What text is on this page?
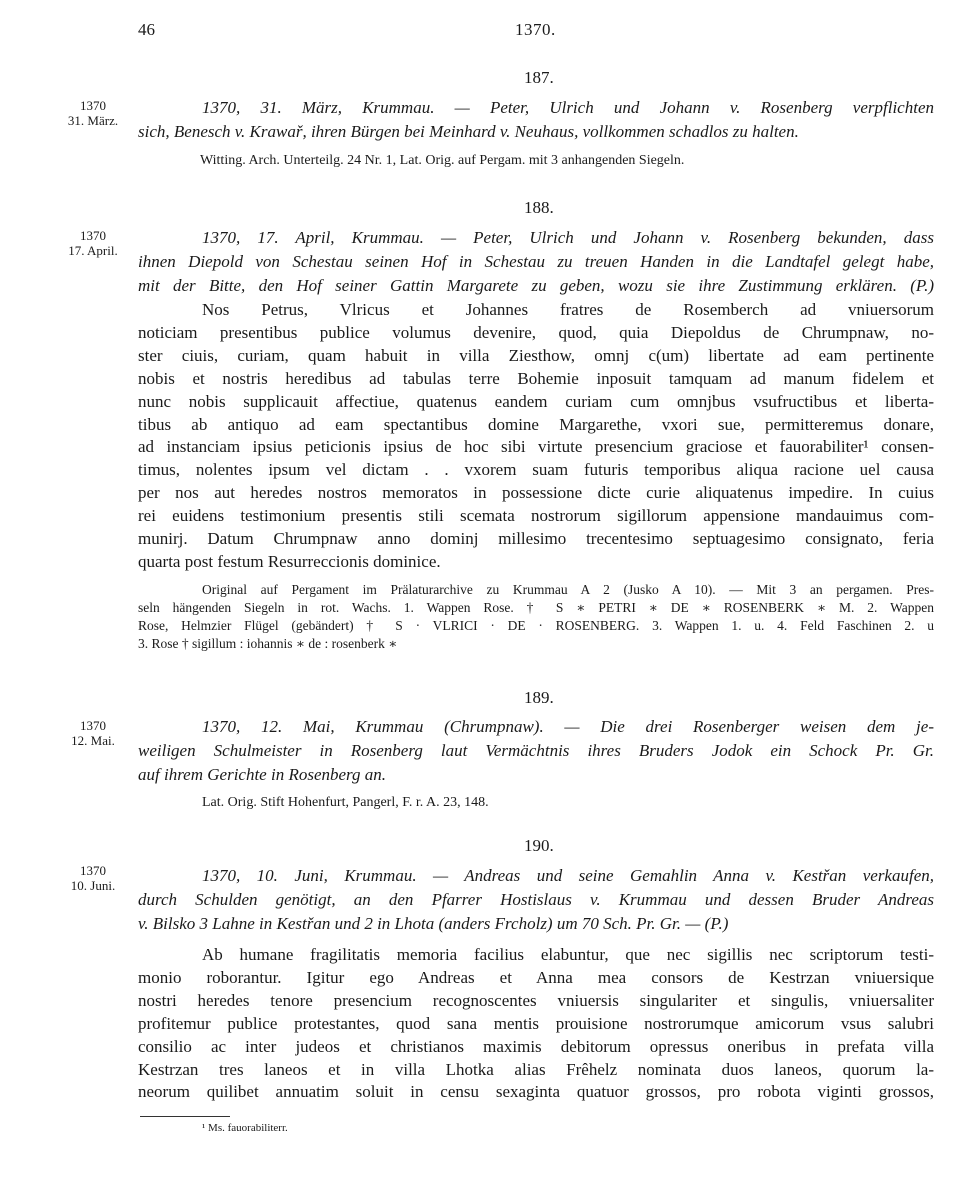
46	1370.
187.
1370
31. März.
1370, 31. März, Krummau. — Peter, Ulrich und Johann v. Rosenberg verpflichten
sich, Benesch v. Krawař, ihren Bürgen bei Meinhard v. Neuhaus, vollkommen schadlos zu halten.
Witting. Arch. Unterteilg. 24 Nr. 1, Lat. Orig. auf Pergam. mit 3 anhangenden Siegeln.
188.
1370
17. April.
1370, 17. April, Krummau. — Peter, Ulrich und Johann v. Rosenberg bekunden, dass
ihnen Diepold von Schestau seinen Hof in Schestau zu treuen Handen in die Landtafel gelegt habe,
mit der Bitte, den Hof seiner Gattin Margarete zu geben, wozu sie ihre Zustimmung erklären. (P.)
Nos Petrus, Vlricus et Johannes fratres de Rosemberch ad vniuersorum
noticiam presentibus publice volumus devenire, quod, quia Diepoldus de Chrumpnaw, no-
ster ciuis, curiam, quam habuit in villa Ziesthow, omnj c(um) libertate ad eam pertinente
nobis et nostris heredibus ad tabulas terre Bohemie inposuit tamquam ad manum fidelem et
nunc nobis supplicauit affectiue, quatenus eandem curiam cum omnjbus vsufructibus et liberta-
tibus ab antiquo ad eam spectantibus domine Margarethe, vxori sue, permitteremus donare,
ad instanciam ipsius peticionis ipsius de hoc sibi virtute presencium graciose et fauorabiliter¹ consen-
timus, nolentes ipsum vel dictam . . vxorem suam futuris temporibus aliqua racione uel causa
per nos aut heredes nostros memoratos in possessione dicte curie aliquatenus impedire. In cuius
rei euidens testimonium presentis stili scemata nostrorum sigillorum appensione mandauimus com-
munirj. Datum Chrumpnaw anno dominj millesimo trecentesimo septuagesimo consignato, feria
quarta post festum Resurreccionis dominice.
Original auf Pergament im Prälaturarchive zu Krummau A 2 (Jusko A 10). — Mit 3 an pergamen. Pres-
seln hängenden Siegeln in rot. Wachs. 1. Wappen Rose. † S ∗ PETRI ∗ DE ∗ ROSENBERK ∗ M. 2. Wappen
Rose, Helmzier Flügel (gebändert) † S · VLRICI · DE · ROSENBERG. 3. Wappen 1. u. 4. Feld Faschinen 2. u
3. Rose † sigillum : iohannis ∗ de : rosenberk ∗
189.
1370
12. Mai.
1370, 12. Mai, Krummau (Chrumpnaw). — Die drei Rosenberger weisen dem je-
weiligen Schulmeister in Rosenberg laut Vermächtnis ihres Bruders Jodok ein Schock Pr. Gr.
auf ihrem Gerichte in Rosenberg an.
Lat. Orig. Stift Hohenfurt, Pangerl, F. r. A. 23, 148.
190.
1370
10. Juni.
1370, 10. Juni, Krummau. — Andreas und seine Gemahlin Anna v. Kestřan verkaufen,
durch Schulden genötigt, an den Pfarrer Hostislaus v. Krummau und dessen Bruder Andreas
v. Bilsko 3 Lahne in Kestřan und 2 in Lhota (anders Frcholz) um 70 Sch. Pr. Gr. — (P.)
Ab humane fragilitatis memoria facilius elabuntur, que nec sigillis nec scriptorum testi-
monio roborantur. Igitur ego Andreas et Anna mea consors de Kestrzan vniuersique
nostri heredes tenore presencium recognoscentes vniuersis singulariter et singulis, vniuersaliter
profitemur publice protestantes, quod sana mentis prouisione nostrorumque amicorum vsus salubri
consilio ac inter judeos et christianos maximis debitorum opressus oneribus in prefata villa
Kestrzan tres laneos et in villa Lhotka alias Frêhelz nominata duos laneos, quorum la-
neorum quilibet annuatim soluit in censu sexaginta quatuor grossos, pro robota viginti grossos,
¹ Ms. fauorabiliterr.
